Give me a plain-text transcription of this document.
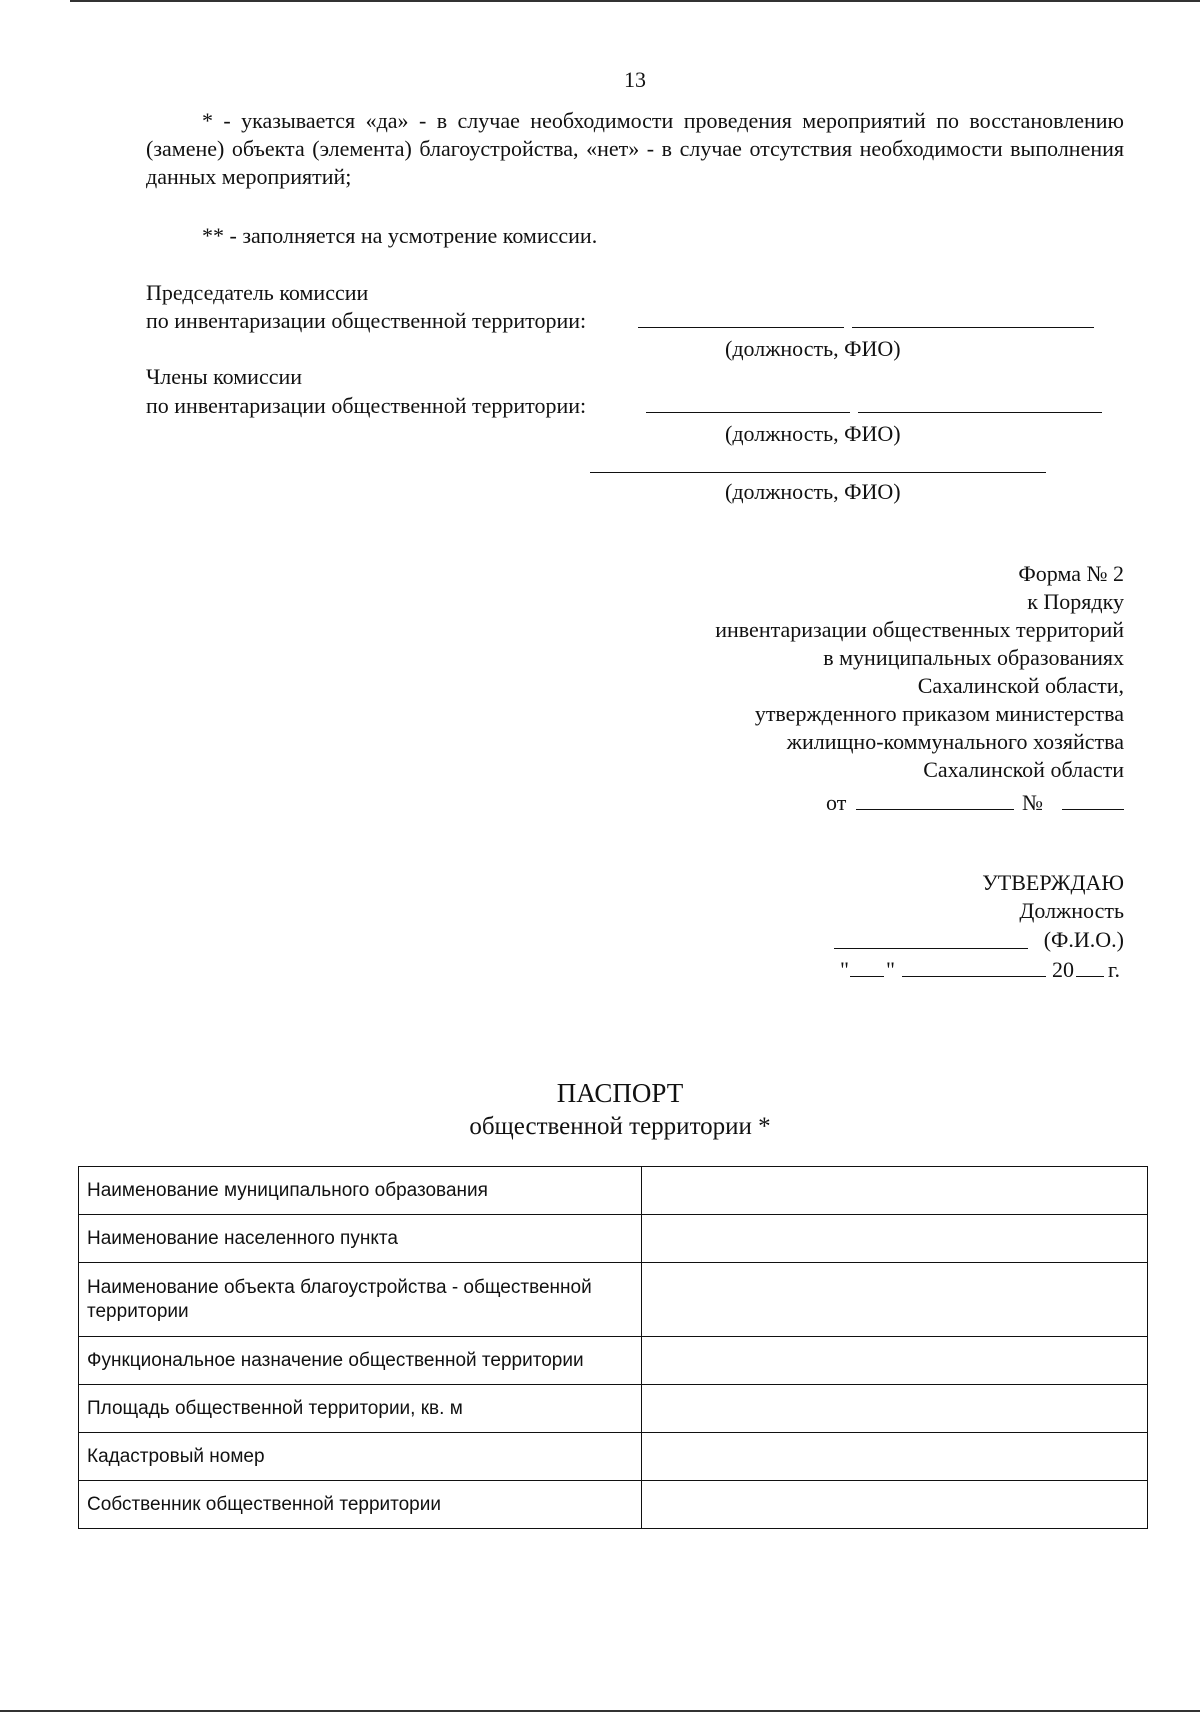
13
* - указывается «да» - в случае необходимости проведения мероприятий по восстановлению (замене) объекта (элемента) благоустройства, «нет» - в случае отсутствия необходимости выполнения данных мероприятий;
** - заполняется на усмотрение комиссии.
Председатель комиссии
по инвентаризации общественной территории:
(должность, ФИО)
Члены комиссии
по инвентаризации общественной территории:
(должность, ФИО)
(должность, ФИО)
Форма № 2
к Порядку
инвентаризации общественных территорий
в муниципальных образованиях
Сахалинской области,
утвержденного приказом министерства
жилищно-коммунального хозяйства
Сахалинской области
от	№
УТВЕРЖДАЮ
Должность
(Ф.И.О.)
" "	20 г.
ПАСПОРТ
общественной территории *
Наименование муниципального образования	
Наименование населенного пункта	
Наименование объекта благоустройства - общественной территории	
Функциональное назначение общественной территории	
Площадь общественной территории, кв. м	
Кадастровый номер	
Собственник общественной территории	
